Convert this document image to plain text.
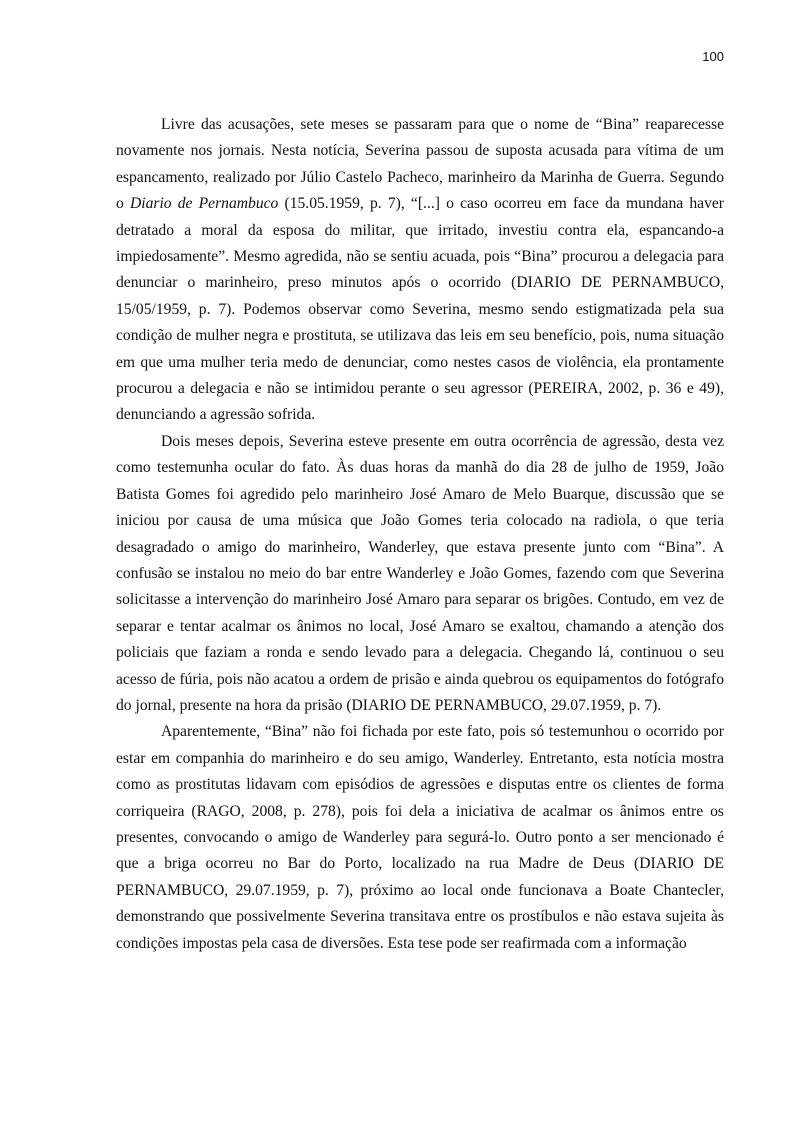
100

Livre das acusações, sete meses se passaram para que o nome de “Bina” reaparecesse novamente nos jornais. Nesta notícia, Severina passou de suposta acusada para vítima de um espancamento, realizado por Júlio Castelo Pacheco, marinheiro da Marinha de Guerra. Segundo o Diario de Pernambuco (15.05.1959, p. 7), “[...] o caso ocorreu em face da mundana haver detratado a moral da esposa do militar, que irritado, investiu contra ela, espancando-a impiedosamente”. Mesmo agredida, não se sentiu acuada, pois “Bina” procurou a delegacia para denunciar o marinheiro, preso minutos após o ocorrido (DIARIO DE PERNAMBUCO, 15/05/1959, p. 7). Podemos observar como Severina, mesmo sendo estigmatizada pela sua condição de mulher negra e prostituta, se utilizava das leis em seu benefício, pois, numa situação em que uma mulher teria medo de denunciar, como nestes casos de violência, ela prontamente procurou a delegacia e não se intimidou perante o seu agressor (PEREIRA, 2002, p. 36 e 49), denunciando a agressão sofrida.

Dois meses depois, Severina esteve presente em outra ocorrência de agressão, desta vez como testemunha ocular do fato. Às duas horas da manhã do dia 28 de julho de 1959, João Batista Gomes foi agredido pelo marinheiro José Amaro de Melo Buarque, discussão que se iniciou por causa de uma música que João Gomes teria colocado na radiola, o que teria desagradado o amigo do marinheiro, Wanderley, que estava presente junto com “Bina”. A confusão se instalou no meio do bar entre Wanderley e João Gomes, fazendo com que Severina solicitasse a intervenção do marinheiro José Amaro para separar os brigões. Contudo, em vez de separar e tentar acalmar os ânimos no local, José Amaro se exaltou, chamando a atenção dos policiais que faziam a ronda e sendo levado para a delegacia. Chegando lá, continuou o seu acesso de fúria, pois não acatou a ordem de prisão e ainda quebrou os equipamentos do fotógrafo do jornal, presente na hora da prisão (DIARIO DE PERNAMBUCO, 29.07.1959, p. 7).

Aparentemente, “Bina” não foi fichada por este fato, pois só testemunhou o ocorrido por estar em companhia do marinheiro e do seu amigo, Wanderley. Entretanto, esta notícia mostra como as prostitutas lidavam com episódios de agressões e disputas entre os clientes de forma corriqueira (RAGO, 2008, p. 278), pois foi dela a iniciativa de acalmar os ânimos entre os presentes, convocando o amigo de Wanderley para segurá-lo. Outro ponto a ser mencionado é que a briga ocorreu no Bar do Porto, localizado na rua Madre de Deus (DIARIO DE PERNAMBUCO, 29.07.1959, p. 7), próximo ao local onde funcionava a Boate Chantecler, demonstrando que possivelmente Severina transitava entre os prostíbulos e não estava sujeita às condições impostas pela casa de diversões. Esta tese pode ser reafirmada com a informação
